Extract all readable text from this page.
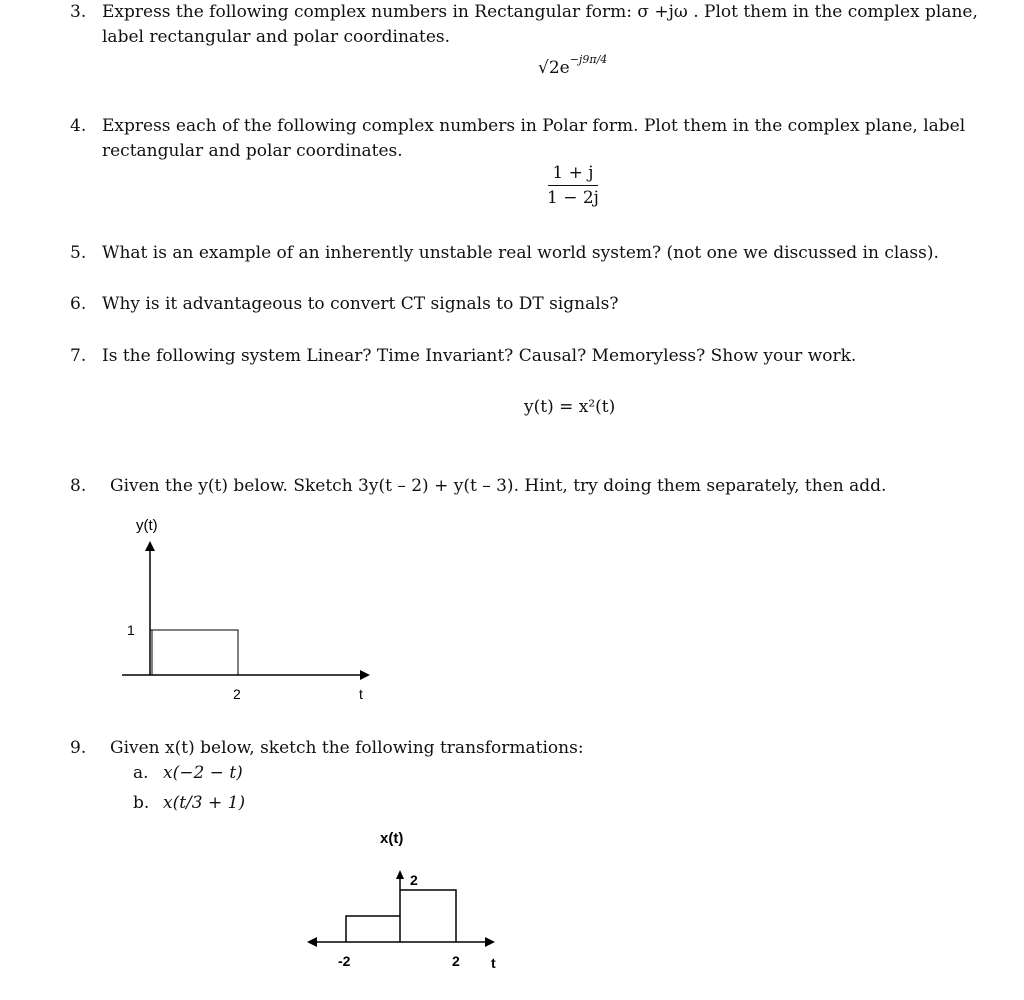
3. Express the following complex numbers in Rectangular form: σ +jω . Plot them in the complex plane, label rectangular and polar coordinates.
$√2e^{-j9\pi/4}$
4. Express each of the following complex numbers in Polar form. Plot them in the complex plane, label rectangular and polar coordinates.
$\frac{1 + j}{1 - 2j}$
5. What is an example of an inherently unstable real world system? (not one we discussed in class).
6. Why is it advantageous to convert CT signals to DT signals?
7. Is the following system Linear? Time Invariant? Causal? Memoryless? Show your work.
y(t) = x²(t)
8. Given the y(t) below. Sketch 3y(t – 2) + y(t – 3). Hint, try doing them separately, then add.
y(t)
1
2	t
9. Given x(t) below, sketch the following transformations:
a. x(−2 − t)
b. x(t/3 + 1)
x(t)
2
-2	2 t
